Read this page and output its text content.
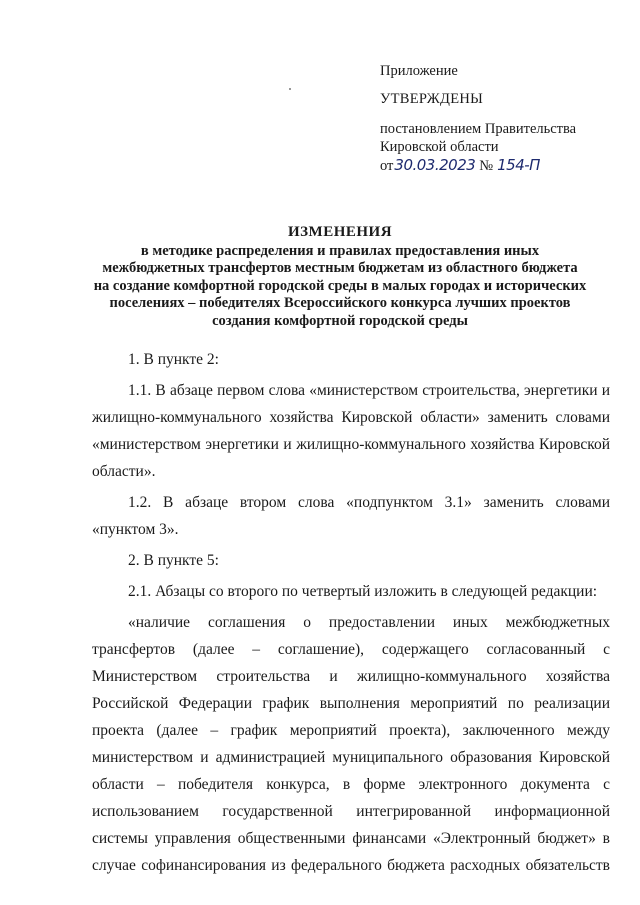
Приложение
УТВЕРЖДЕНЫ
постановлением Правительства
Кировской области
от 30.03.2023 № 154-П
ИЗМЕНЕНИЯ
в методике распределения и правилах предоставления иных
межбюджетных трансфертов местным бюджетам из областного бюджета
на создание комфортной городской среды в малых городах и исторических
поселениях – победителях Всероссийского конкурса лучших проектов
создания комфортной городской среды

1. В пункте 2:

1.1. В абзаце первом слова «министерством строительства, энергетики и жилищно-коммунального хозяйства Кировской области» заменить словами «министерством энергетики и жилищно-коммунального хозяйства Кировской области».

1.2. В абзаце втором слова «подпунктом 3.1» заменить словами «пунктом 3».

2. В пункте 5:

2.1. Абзацы со второго по четвертый изложить в следующей редакции:

«наличие соглашения о предоставлении иных межбюджетных трансфертов (далее – соглашение), содержащего согласованный с Министерством строительства и жилищно-коммунального хозяйства Российской Федерации график выполнения мероприятий по реализации проекта (далее – график мероприятий проекта), заключенного между министерством и администрацией муниципального образования Кировской области – победителя конкурса, в форме электронного документа с использованием государственной интегрированной информационной системы управления общественными финансами «Электронный бюджет» в случае софинансирования из федерального бюджета расходных обязательств
